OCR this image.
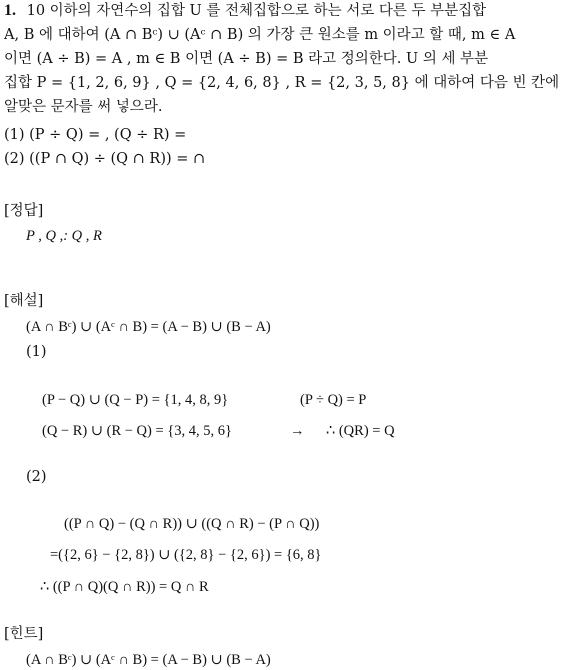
1. 10 이하의 자연수의 집합 U 를 전체집합으로 하는 서로 다른 두 부분집합
A, B 에 대하여 (A ∩ Bᶜ) ∪ (Aᶜ ∩ B) 의 가장 큰 원소를 m 이라고 할 때, m ∈ A
이면 (A ÷ B) = A , m ∈ B 이면 (A ÷ B) = B 라고 정의한다. U 의 세 부분
집합 P = {1, 2, 6, 9} , Q = {2, 4, 6, 8} , R = {2, 3, 5, 8} 에 대하여 다음 빈 칸에
알맞은 문자를 써 넣으라.
(1) (P ÷ Q) = , (Q ÷ R) =
(2) ((P ∩ Q) ÷ (Q ∩ R)) = ∩
[정답]
P , Q ,: Q , R
[해설]
(A ∩ Bᶜ) ∪ (Aᶜ ∩ B) = (A − B) ∪ (B − A)
(1)
(P − Q) ∪ (Q − P) = {1, 4, 8, 9}	(P ÷ Q) = P
(Q − R) ∪ (R − Q) = {3, 4, 5, 6}	→ ∴ (QR) = Q
(2)
((P ∩ Q) − (Q ∩ R)) ∪ ((Q ∩ R) − (P ∩ Q))
=({2, 6} − {2, 8}) ∪ ({2, 8} − {2, 6}) = {6, 8}
∴ ((P ∩ Q)(Q ∩ R)) = Q ∩ R
[힌트]
(A ∩ Bᶜ) ∪ (Aᶜ ∩ B) = (A − B) ∪ (B − A)
